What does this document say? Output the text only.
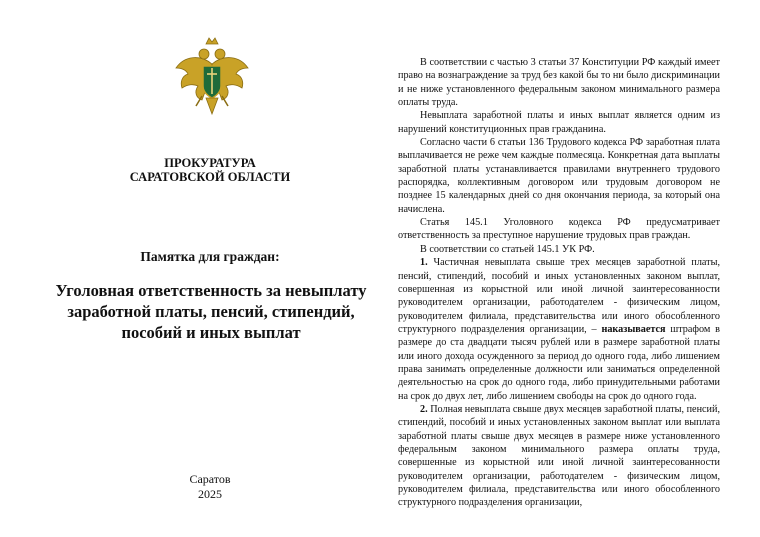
ПРОКУРАТУРА
САРАТОВСКОЙ ОБЛАСТИ
Памятка для граждан:
Уголовная ответственность за невыплату заработной платы, пенсий, стипендий, пособий и иных выплат
Саратов
2025

В соответствии с частью 3 статьи 37 Конституции РФ каждый имеет право на вознаграждение за труд без какой бы то ни было дискриминации и не ниже установленного федеральным законом минимального размера оплаты труда.

Невыплата заработной платы и иных выплат является одним из нарушений конституционных прав гражданина.

Согласно части 6 статьи 136 Трудового кодекса РФ заработная плата выплачивается не реже чем каждые полмесяца. Конкретная дата выплаты заработной платы устанавливается правилами внутреннего трудового распорядка, коллективным договором или трудовым договором не позднее 15 календарных дней со дня окончания периода, за который она начислена.

Статья 145.1 Уголовного кодекса РФ предусматривает ответственность за преступное нарушение трудовых прав граждан.

В соответствии со статьей 145.1 УК РФ.

1. Частичная невыплата свыше трех месяцев заработной платы, пенсий, стипендий, пособий и иных установленных законом выплат, совершенная из корыстной или иной личной заинтересованности руководителем организации, работодателем - физическим лицом, руководителем филиала, представительства или иного обособленного структурного подразделения организации, – наказывается штрафом в размере до ста двадцати тысяч рублей или в размере заработной платы или иного дохода осужденного за период до одного года, либо лишением права занимать определенные должности или заниматься определенной деятельностью на срок до одного года, либо принудительными работами на срок до двух лет, либо лишением свободы на срок до одного года.

2. Полная невыплата свыше двух месяцев заработной платы, пенсий, стипендий, пособий и иных установленных законом выплат или выплата заработной платы свыше двух месяцев в размере ниже установленного федеральным законом минимального размера оплаты труда, совершенные из корыстной или иной личной заинтересованности руководителем организации, работодателем - физическим лицом, руководителем филиала, представительства или иного обособленного структурного подразделения организации,
